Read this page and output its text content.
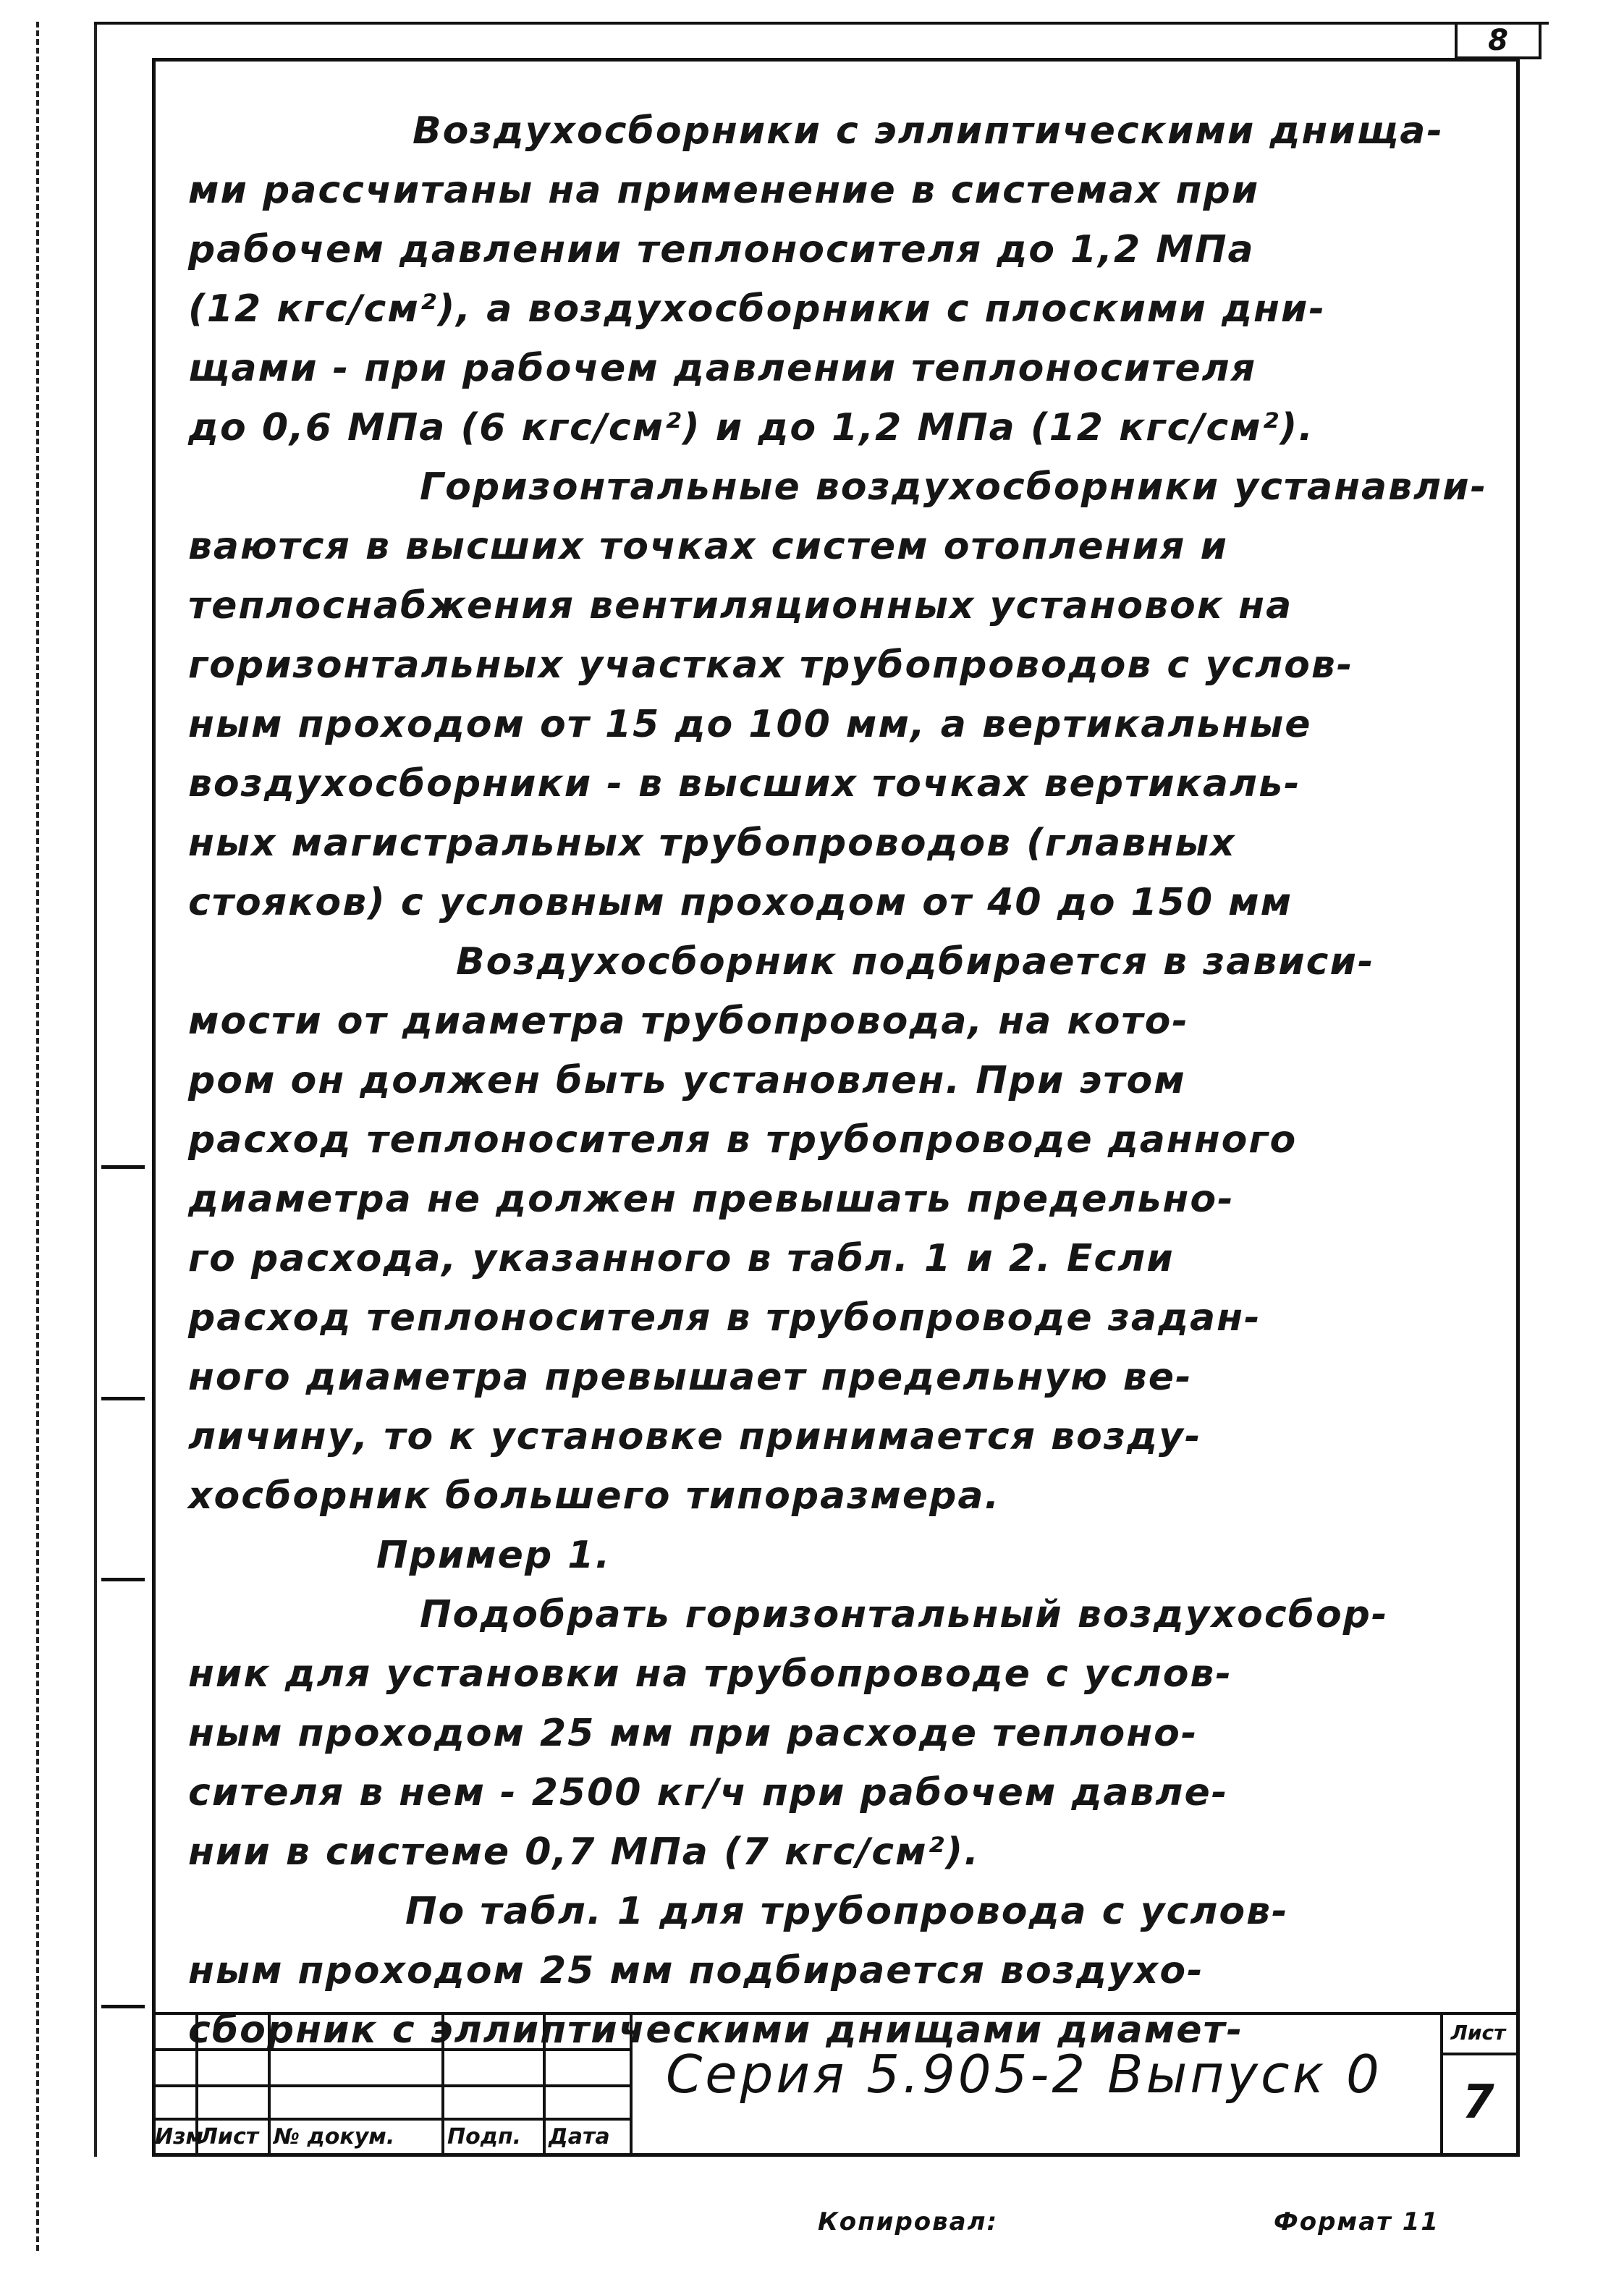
8
Воздухосборники с эллиптическими днища-
ми рассчитаны на применение в системах при
рабочем давлении теплоносителя до 1,2 МПа
(12 кгс/см²), а воздухосборники с плоскими дни-
щами - при рабочем давлении теплоносителя
до 0,6 МПа (6 кгс/см²) и до 1,2 МПа (12 кгс/см²).
Горизонтальные воздухосборники устанавли-
ваются в высших точках систем отопления и
теплоснабжения вентиляционных установок на
горизонтальных участках трубопроводов с услов-
ным проходом от 15 до 100 мм, а вертикальные
воздухосборники - в высших точках вертикаль-
ных магистральных трубопроводов (главных
стояков) с условным проходом от 40 до 150 мм
Воздухосборник подбирается в зависи-
мости от диаметра трубопровода, на кото-
ром он должен быть установлен. При этом
расход теплоносителя в трубопроводе данного
диаметра не должен превышать предельно-
го расхода, указанного в табл. 1 и 2. Если
расход теплоносителя в трубопроводе задан-
ного диаметра превышает предельную ве-
личину, то к установке принимается возду-
хосборник большего типоразмера.
Пример 1.
Подобрать горизонтальный воздухосбор-
ник для установки на трубопроводе с услов-
ным проходом 25 мм при расходе теплоно-
сителя в нем - 2500 кг/ч при рабочем давле-
нии в системе 0,7 МПа (7 кгс/см²).
По табл. 1 для трубопровода с услов-
ным проходом 25 мм подбирается воздухо-
сборник с эллиптическими днищами диамет-
Изм
Лист № докум.	Подп.	Дата
Серия 5.905-2 Выпуск 0
Лист
7
Копировал:	Формат 11
